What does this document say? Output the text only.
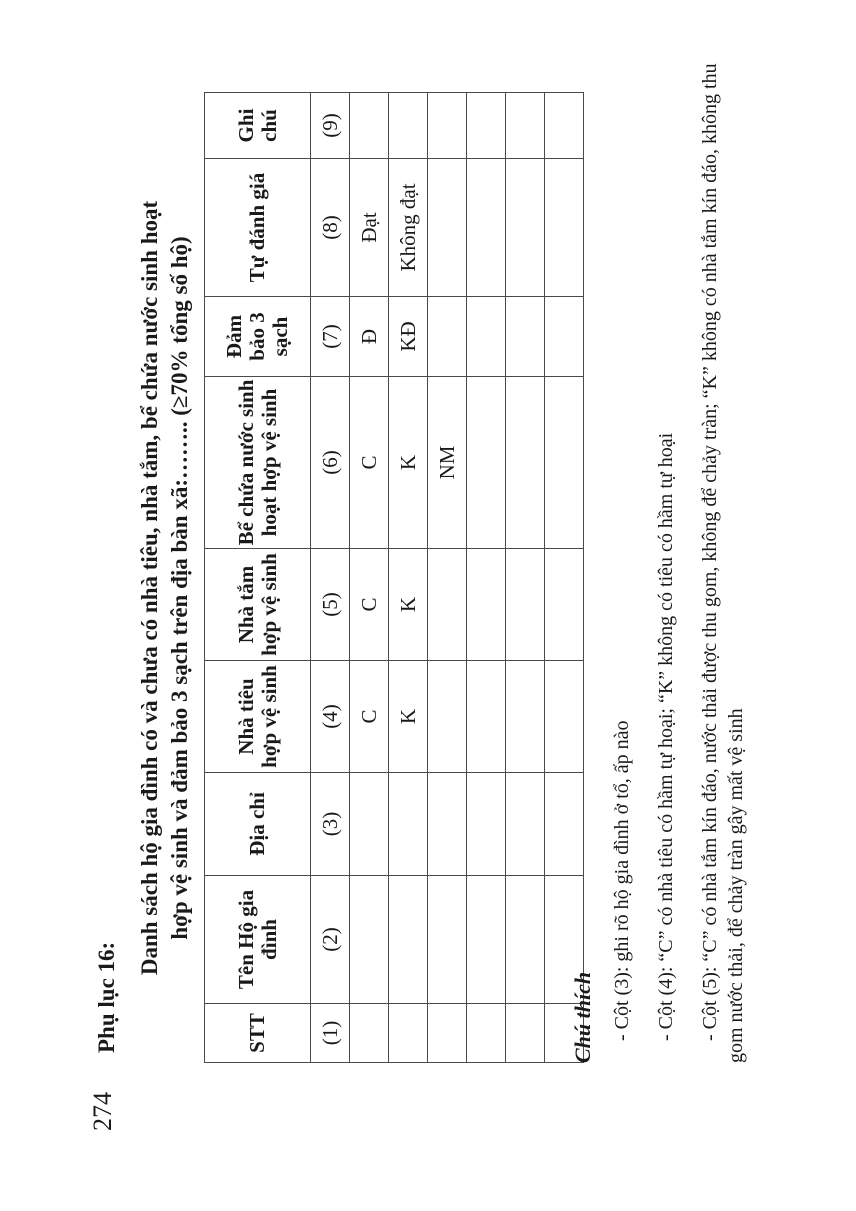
274
Phụ lục 16:
Danh sách hộ gia đình có và chưa có nhà tiêu, nhà tắm, bể chứa nước sinh hoạt hợp vệ sinh và đảm bảo 3 sạch trên địa bàn xã:…….. (≥70% tổng số hộ)
STT	Tên Hộ gia đình	Địa chỉ	Nhà tiêu hợp vệ sinh	Nhà tắm hợp vệ sinh	Bể chứa nước sinh hoạt hợp vệ sinh	Đảm bảo 3 sạch	Tự đánh giá	Ghi chú
(1)	(2)	(3)	(4)	(5)	(6)	(7)	(8)	(9)
			C	C	C	Đ	Đạt	
			K	K	K	KĐ	Không đạt	
					NM			

Chú thích - Cột (3): ghi rõ hộ gia đình ở tổ, ấp nào - Cột (4): “C” có nhà tiêu có hầm tự hoại; “K” không có tiêu có hầm tự hoại - Cột (5): “C” có nhà tắm kín đáo, nước thải được thu gom, không để chảy tràn; “K” không có nhà tắm kín đáo, không thu gom nước thải, để chảy tràn gây mất vệ sinh
